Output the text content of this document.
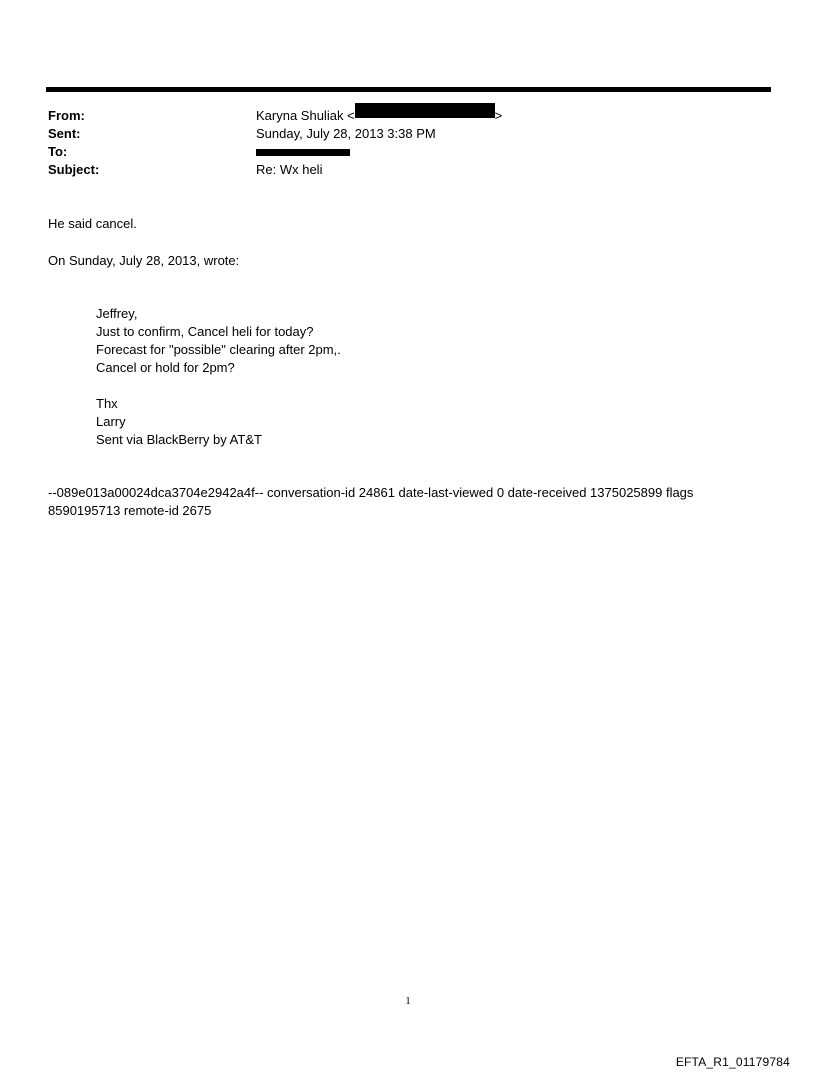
From:	Karyna Shuliak <	>
Sent:	Sunday, July 28, 2013 3:38 PM
To:
Subject:	Re: Wx heli
He said cancel.
On Sunday, July 28, 2013, wrote:
Jeffrey,
Just to confirm, Cancel heli for today?
Forecast for "possible" clearing after 2pm,.
Cancel or hold for 2pm?
Thx
Larry
Sent via BlackBerry by AT&T
--089e013a00024dca3704e2942a4f-- conversation-id 24861 date-last-viewed 0 date-received 1375025899 flags 8590195713 remote-id 2675
1
EFTA_R1_01179784
